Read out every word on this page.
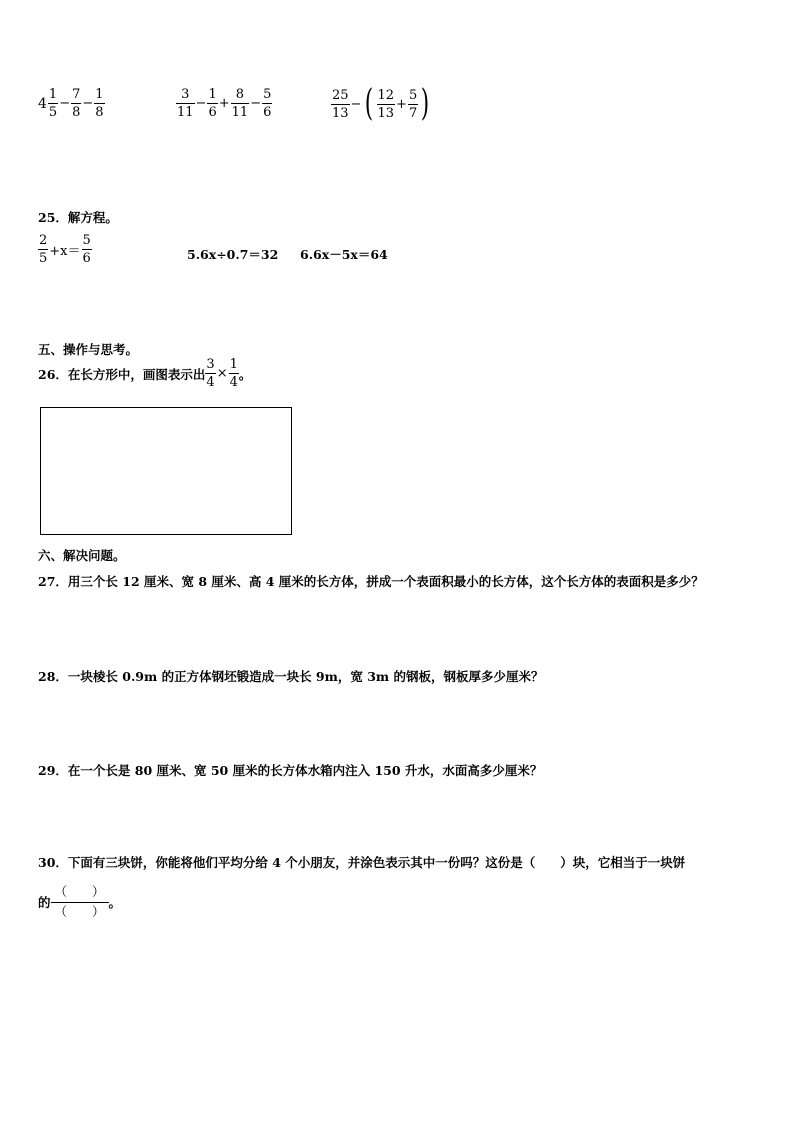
4
1
5
− $\frac{7}{8} - \frac{1}{8}$	3
11
− $\frac{1}{6} + \frac{8}{11} - \frac{5}{6}$	25
13
− ( 12
13
+ $\frac{5}{7}$ )
25．解方程。
2
5 +x＝
5
6	5.6x÷0.7＝32 6.6x－5x＝64
五、操作与思考。
26．在长方形中，画图表示出 $\frac{3}{4} \times \frac{1}{4}$ 。
六、解决问题。
27．用三个长 12 厘米、宽 8 厘米、高 4 厘米的长方体，拼成一个表面积最小的长方体，这个长方体的表面积是多少？
28．一块棱长 0.9m 的正方体钢坯锻造成一块长 9m，宽 3m 的钢板，钢板厚多少厘米？
29．在一个长是 80 厘米、宽 50 厘米的长方体水箱内注入 150 升水，水面高多少厘米？
30．下面有三块饼，你能将他们平均分给 4 个小朋友，并涂色表示其中一份吗？这份是（　　）块，它相当于一块饼
的
（　　）
（　　）
。
